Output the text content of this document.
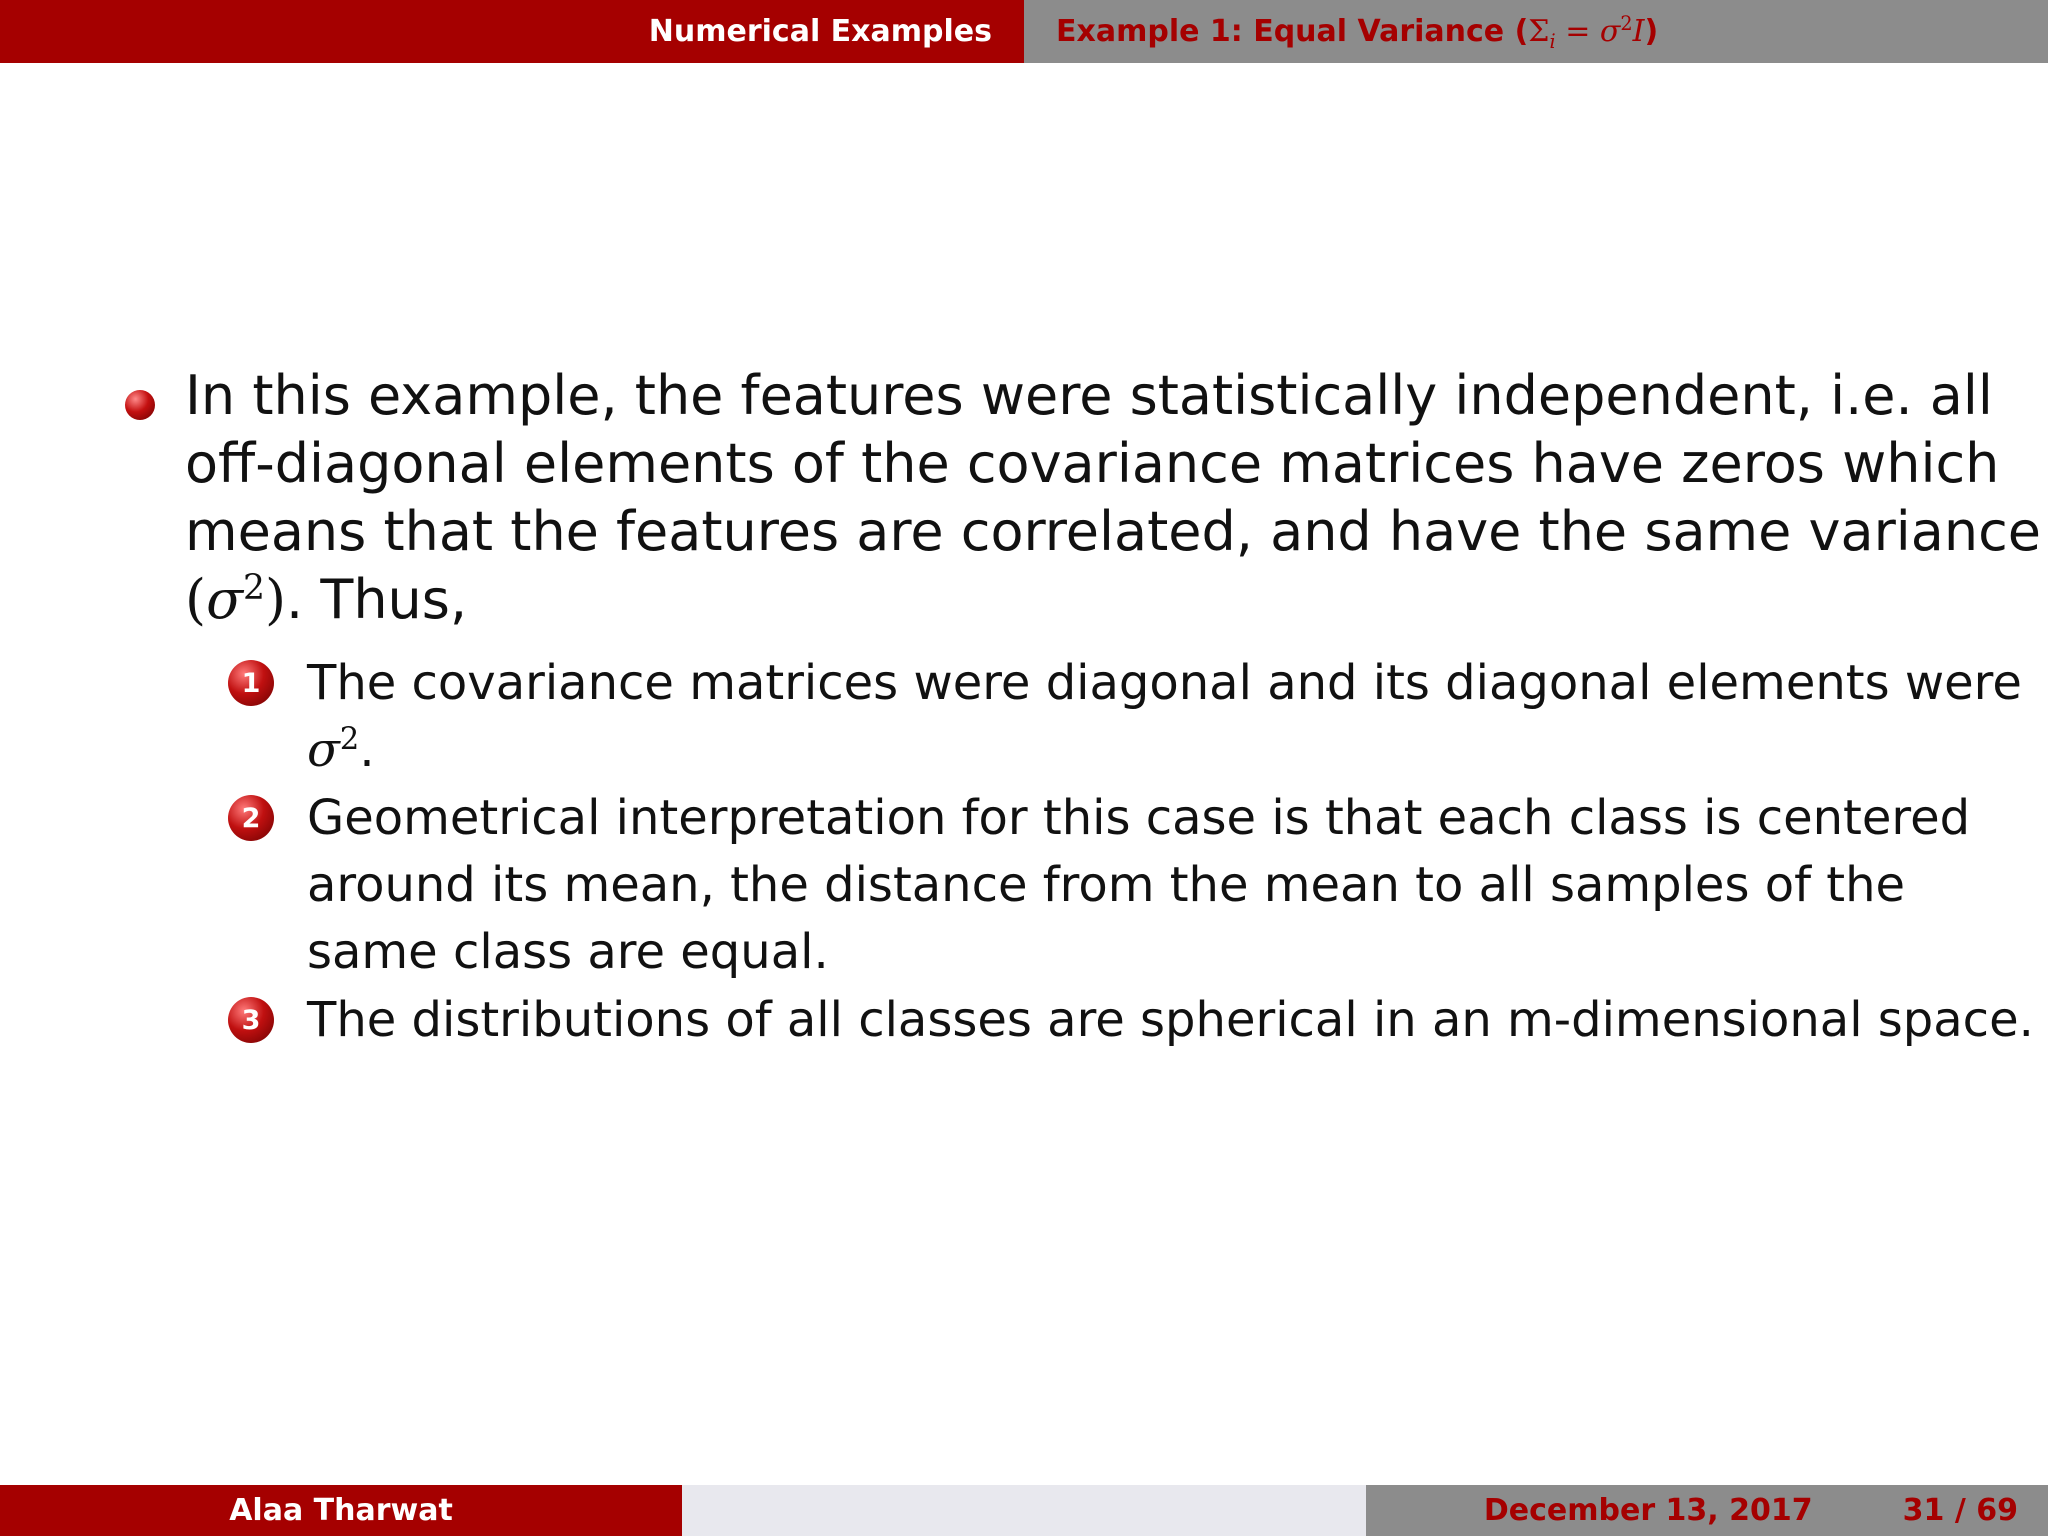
Numerical Examples	Example 1: Equal Variance ( $\Sigma_i = \sigma^2I$ )
In this example, the features were statistically independent, i.e. all
off-diagonal elements of the covariance matrices have zeros which
means that the features are correlated, and have the same variance
$(\sigma^2)$. Thus,
1 The covariance matrices were diagonal and its diagonal elements were
$\sigma^2$.
2 Geometrical interpretation for this case is that each class is centered
around its mean, the distance from the mean to all samples of the
same class are equal.
3 The distributions of all classes are spherical in an m-dimensional space.
Alaa Tharwat	December 13, 2017	31 / 69
